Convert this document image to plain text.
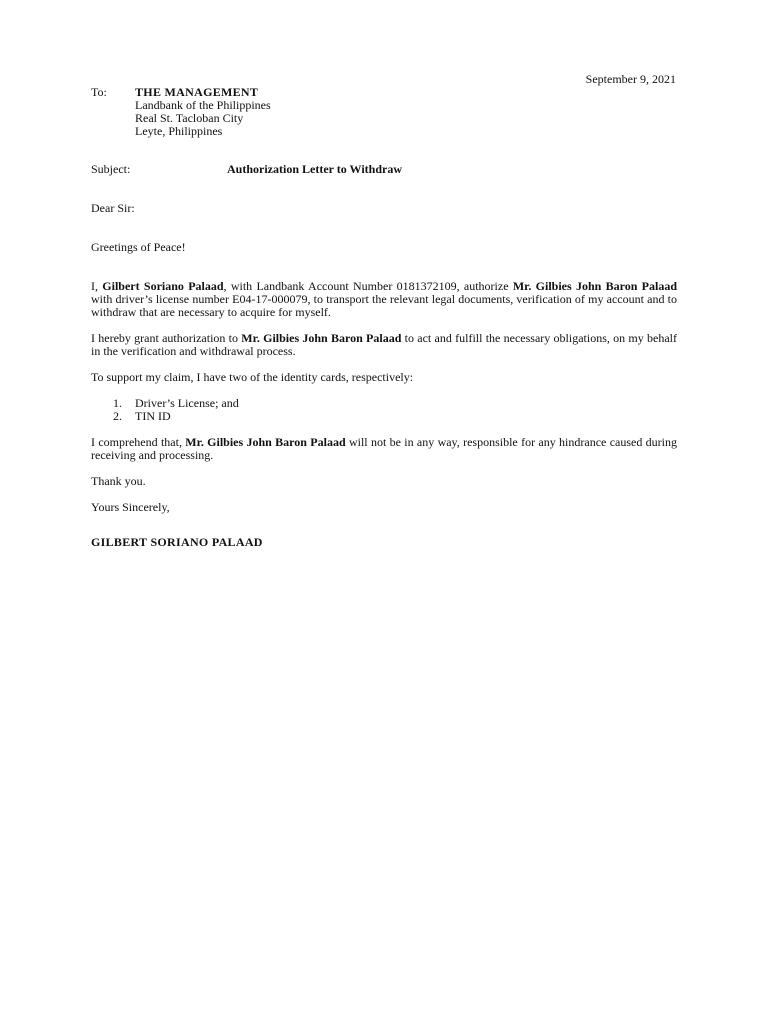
September 9, 2021
To: THE MANAGEMENT
Landbank of the Philippines
Real St. Tacloban City
Leyte, Philippines
Subject:	Authorization Letter to Withdraw

Dear Sir:

Greetings of Peace!

I, Gilbert Soriano Palaad, with Landbank Account Number 0181372109, authorize Mr. Gilbies John Baron Palaad with driver’s license number E04-17-000079, to transport the relevant legal documents, verification of my account and to withdraw that are necessary to acquire for myself.

I hereby grant authorization to Mr. Gilbies John Baron Palaad to act and fulfill the necessary obligations, on my behalf in the verification and withdrawal process.

To support my claim, I have two of the identity cards, respectively:

1. Driver’s License; and
2. TIN ID

I comprehend that, Mr. Gilbies John Baron Palaad will not be in any way, responsible for any hindrance caused during receiving and processing.

Thank you.

Yours Sincerely,

GILBERT SORIANO PALAAD
